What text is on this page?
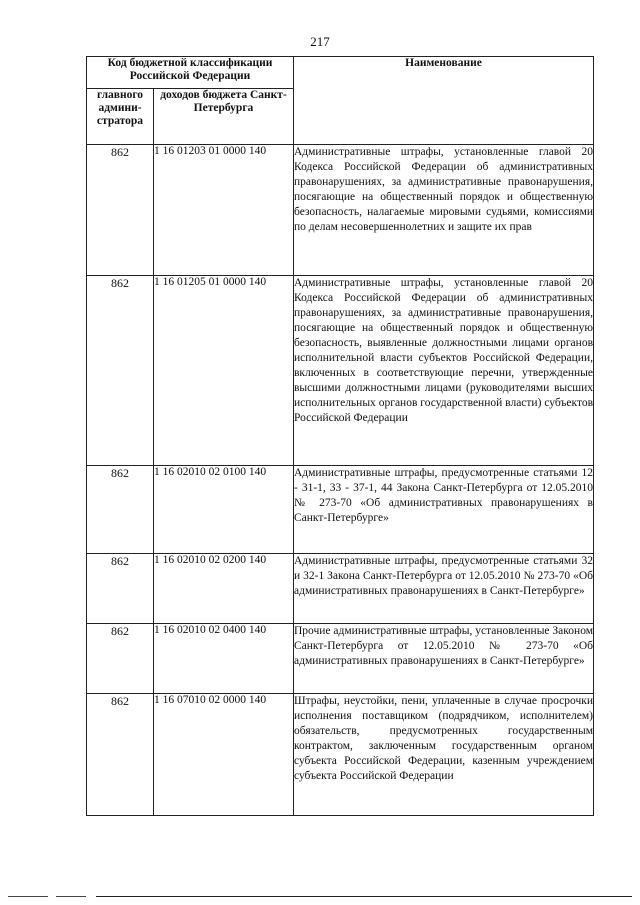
217
Код бюджетной классификации Российской Федерации		Наименование
главного админи-стратора	доходов бюджета Санкт-Петербурга	
862	1 16 01203 01 0000 140	Административные штрафы, установленные главой 20 Кодекса Российской Федерации об административных правонарушениях, за административные правонарушения, посягающие на общественный порядок и общественную безопасность, налагаемые мировыми судьями, комиссиями по делам несовершеннолетних и защите их прав
862	1 16 01205 01 0000 140	Административные штрафы, установленные главой 20 Кодекса Российской Федерации об административных правонарушениях, за административные правонарушения, посягающие на общественный порядок и общественную безопасность, выявленные должностными лицами органов исполнительной власти субъектов Российской Федерации, включенных в соответствующие перечни, утвержденные высшими должностными лицами (руководителями высших исполнительных органов государственной власти) субъектов Российской Федерации
862	1 16 02010 02 0100 140	Административные штрафы, предусмотренные статьями 12 - 31-1, 33 - 37-1, 44 Закона Санкт-Петербурга от 12.05.2010 № 273-70 «Об административных правонарушениях в Санкт-Петербурге»
862	1 16 02010 02 0200 140	Административные штрафы, предусмотренные статьями 32 и 32-1 Закона Санкт-Петербурга от 12.05.2010 № 273-70 «Об административных правонарушениях в Санкт-Петербурге»
862	1 16 02010 02 0400 140	Прочие административные штрафы, установленные Законом Санкт-Петербурга от 12.05.2010 № 273-70 «Об административных правонарушениях в Санкт-Петербурге»
862	1 16 07010 02 0000 140	Штрафы, неустойки, пени, уплаченные в случае просрочки исполнения поставщиком (подрядчиком, исполнителем) обязательств, предусмотренных государственным контрактом, заключенным государственным органом субъекта Российской Федерации, казенным учреждением субъекта Российской Федерации
